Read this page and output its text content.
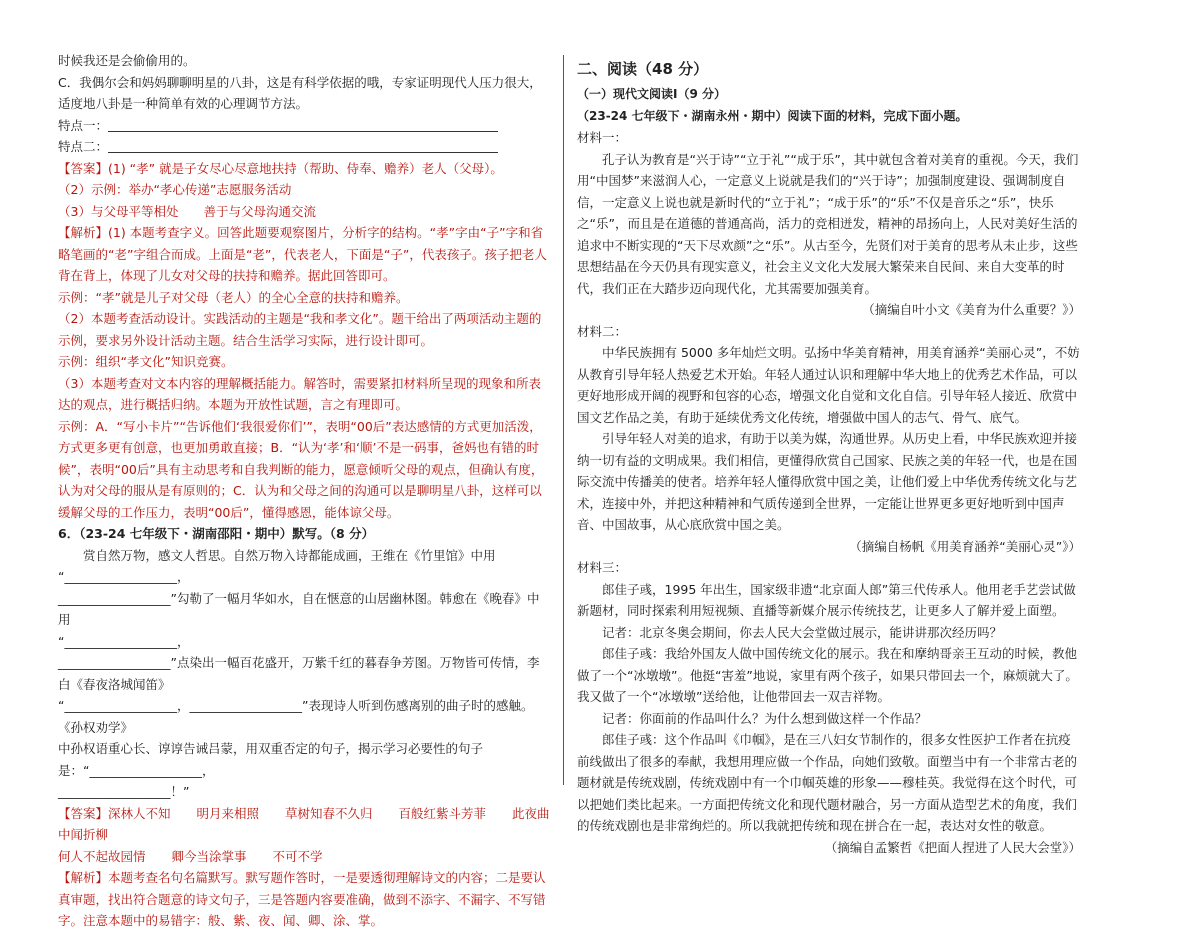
时候我还是会偷偷用的。

C．我偶尔会和妈妈聊聊明星的八卦，这是有科学依据的哦，专家证明现代人压力很大，适度地八卦是一种简单有效的心理调节方法。

特点一：

特点二：

【答案】(1) “孝” 就是子女尽心尽意地扶持（帮助、侍奉、赡养）老人（父母）。

（2）示例：举办“孝心传递”志愿服务活动

（3）与父母平等相处　　善于与父母沟通交流

【解析】(1) 本题考查字义。回答此题要观察图片，分析字的结构。“孝”字由“子”字和省略笔画的“老”字组合而成。上面是“老”，代表老人，下面是“子”，代表孩子。孩子把老人背在背上，体现了儿女对父母的扶持和赡养。据此回答即可。

示例：“孝”就是儿子对父母（老人）的全心全意的扶持和赡养。

（2）本题考查活动设计。实践活动的主题是“我和孝文化”。题干给出了两项活动主题的示例，要求另外设计活动主题。结合生活学习实际，进行设计即可。

示例：组织“孝文化”知识竞赛。

（3）本题考查对文本内容的理解概括能力。解答时，需要紧扣材料所呈现的现象和所表达的观点，进行概括归纳。本题为开放性试题，言之有理即可。

示例：A．“写小卡片”“告诉他们‘我很爱你们’”，表明“00后”表达感情的方式更加活泼，方式更多更有创意，也更加勇敢直接；B．“认为‘孝’和‘顺’不是一码事，爸妈也有错的时候”，表明“00后”具有主动思考和自我判断的能力，愿意倾听父母的观点，但确认有度，认为对父母的服从是有原则的；C．认为和父母之间的沟通可以是聊明星八卦，这样可以缓解父母的工作压力，表明“00后”，懂得感恩，能体谅父母。

6．（23-24 七年级下・湖南邵阳・期中）默写。（8 分）

赏自然万物，感文人哲思。自然万物入诗都能成画，王维在《竹里馆》中用

“__________________，

__________________”勾勒了一幅月华如水，自在惬意的山居幽林图。韩愈在《晚春》中用

“__________________，

__________________”点染出一幅百花盛开，万紫千红的暮春争芳图。万物皆可传情，李白《春夜洛城闻笛》

“__________________，__________________”表现诗人听到伤感离别的曲子时的感触。《孙权劝学》

中孙权语重心长、谆谆告诫吕蒙，用双重否定的句子，揭示学习必要性的句子是：“__________________，

__________________！”

【答案】深林人不知 明月来相照 草树知春不久归 百般红紫斗芳菲 此夜曲中闻折柳

何人不起故园情 卿今当涂掌事 不可不学

【解析】本题考查名句名篇默写。默写题作答时，一是要透彻理解诗文的内容；二是要认真审题，找出符合题意的诗文句子，三是答题内容要准确，做到不添字、不漏字、不写错字。注意本题中的易错字：般、紫、夜、闻、卿、涂、掌。

二、阅读（48 分）

（一）现代文阅读Ⅰ（9 分）

（23-24 七年级下・湖南永州・期中）阅读下面的材料，完成下面小题。

材料一：

孔子认为教育是“兴于诗”“立于礼”“成于乐”，其中就包含着对美育的重视。今天，我们用“中国梦”来滋润人心，一定意义上说就是我们的“兴于诗”；加强制度建设、强调制度自信，一定意义上说也就是新时代的“立于礼”；“成于乐”的“乐”不仅是音乐之“乐”，快乐之“乐”，而且是在道德的普通高尚，活力的竞相迸发，精神的昂扬向上，人民对美好生活的追求中不断实现的“天下尽欢颜”之“乐”。从古至今，先贤们对于美育的思考从未止步，这些思想结晶在今天仍具有现实意义，社会主义文化大发展大繁荣来自民间、来自大变革的时代，我们正在大踏步迈向现代化，尤其需要加强美育。

（摘编自叶小文《美育为什么重要？》）

材料二：

中华民族拥有 5000 多年灿烂文明。弘扬中华美育精神，用美育涵养“美丽心灵”，不妨从教育引导年轻人热爱艺术开始。年轻人通过认识和理解中华大地上的优秀艺术作品，可以更好地形成开阔的视野和包容的心态，增强文化自觉和文化自信。引导年轻人接近、欣赏中国文艺作品之美，有助于延续优秀文化传统，增强做中国人的志气、骨气、底气。

引导年轻人对美的追求，有助于以美为媒，沟通世界。从历史上看，中华民族欢迎并接纳一切有益的文明成果。我们相信，更懂得欣赏自己国家、民族之美的年轻一代，也是在国际交流中传播美的使者。培养年轻人懂得欣赏中国之美，让他们爱上中华优秀传统文化与艺术，连接中外，并把这种精神和气质传递到全世界，一定能让世界更多更好地听到中国声音、中国故事，从心底欣赏中国之美。

（摘编自杨帆《用美育涵养“美丽心灵”》）

材料三：

郎佳子彧，1995 年出生，国家级非遗“北京面人郎”第三代传承人。他用老手艺尝试做新题材，同时探索利用短视频、直播等新媒介展示传统技艺，让更多人了解并爱上面塑。

记者：北京冬奥会期间，你去人民大会堂做过展示，能讲讲那次经历吗？

郎佳子彧：我给外国友人做中国传统文化的展示。我在和摩纳哥亲王互动的时候，教他做了一个“冰墩墩”。他挺“害羞”地说，家里有两个孩子，如果只带回去一个，麻烦就大了。我又做了一个“冰墩墩”送给他，让他带回去一双吉祥物。

记者：你面前的作品叫什么？为什么想到做这样一个作品？

郎佳子彧：这个作品叫《巾帼》，是在三八妇女节制作的，很多女性医护工作者在抗疫前线做出了很多的奉献，我想用理应做一个作品，向她们致敬。面塑当中有一个非常古老的题材就是传统戏剧，传统戏剧中有一个巾帼英雄的形象——穆桂英。我觉得在这个时代，可以把她们类比起来。一方面把传统文化和现代题材融合，另一方面从造型艺术的角度，我们的传统戏剧也是非常绚烂的。所以我就把传统和现在拼合在一起，表达对女性的敬意。

（摘编自孟繁哲《把面人捏进了人民大会堂》）
